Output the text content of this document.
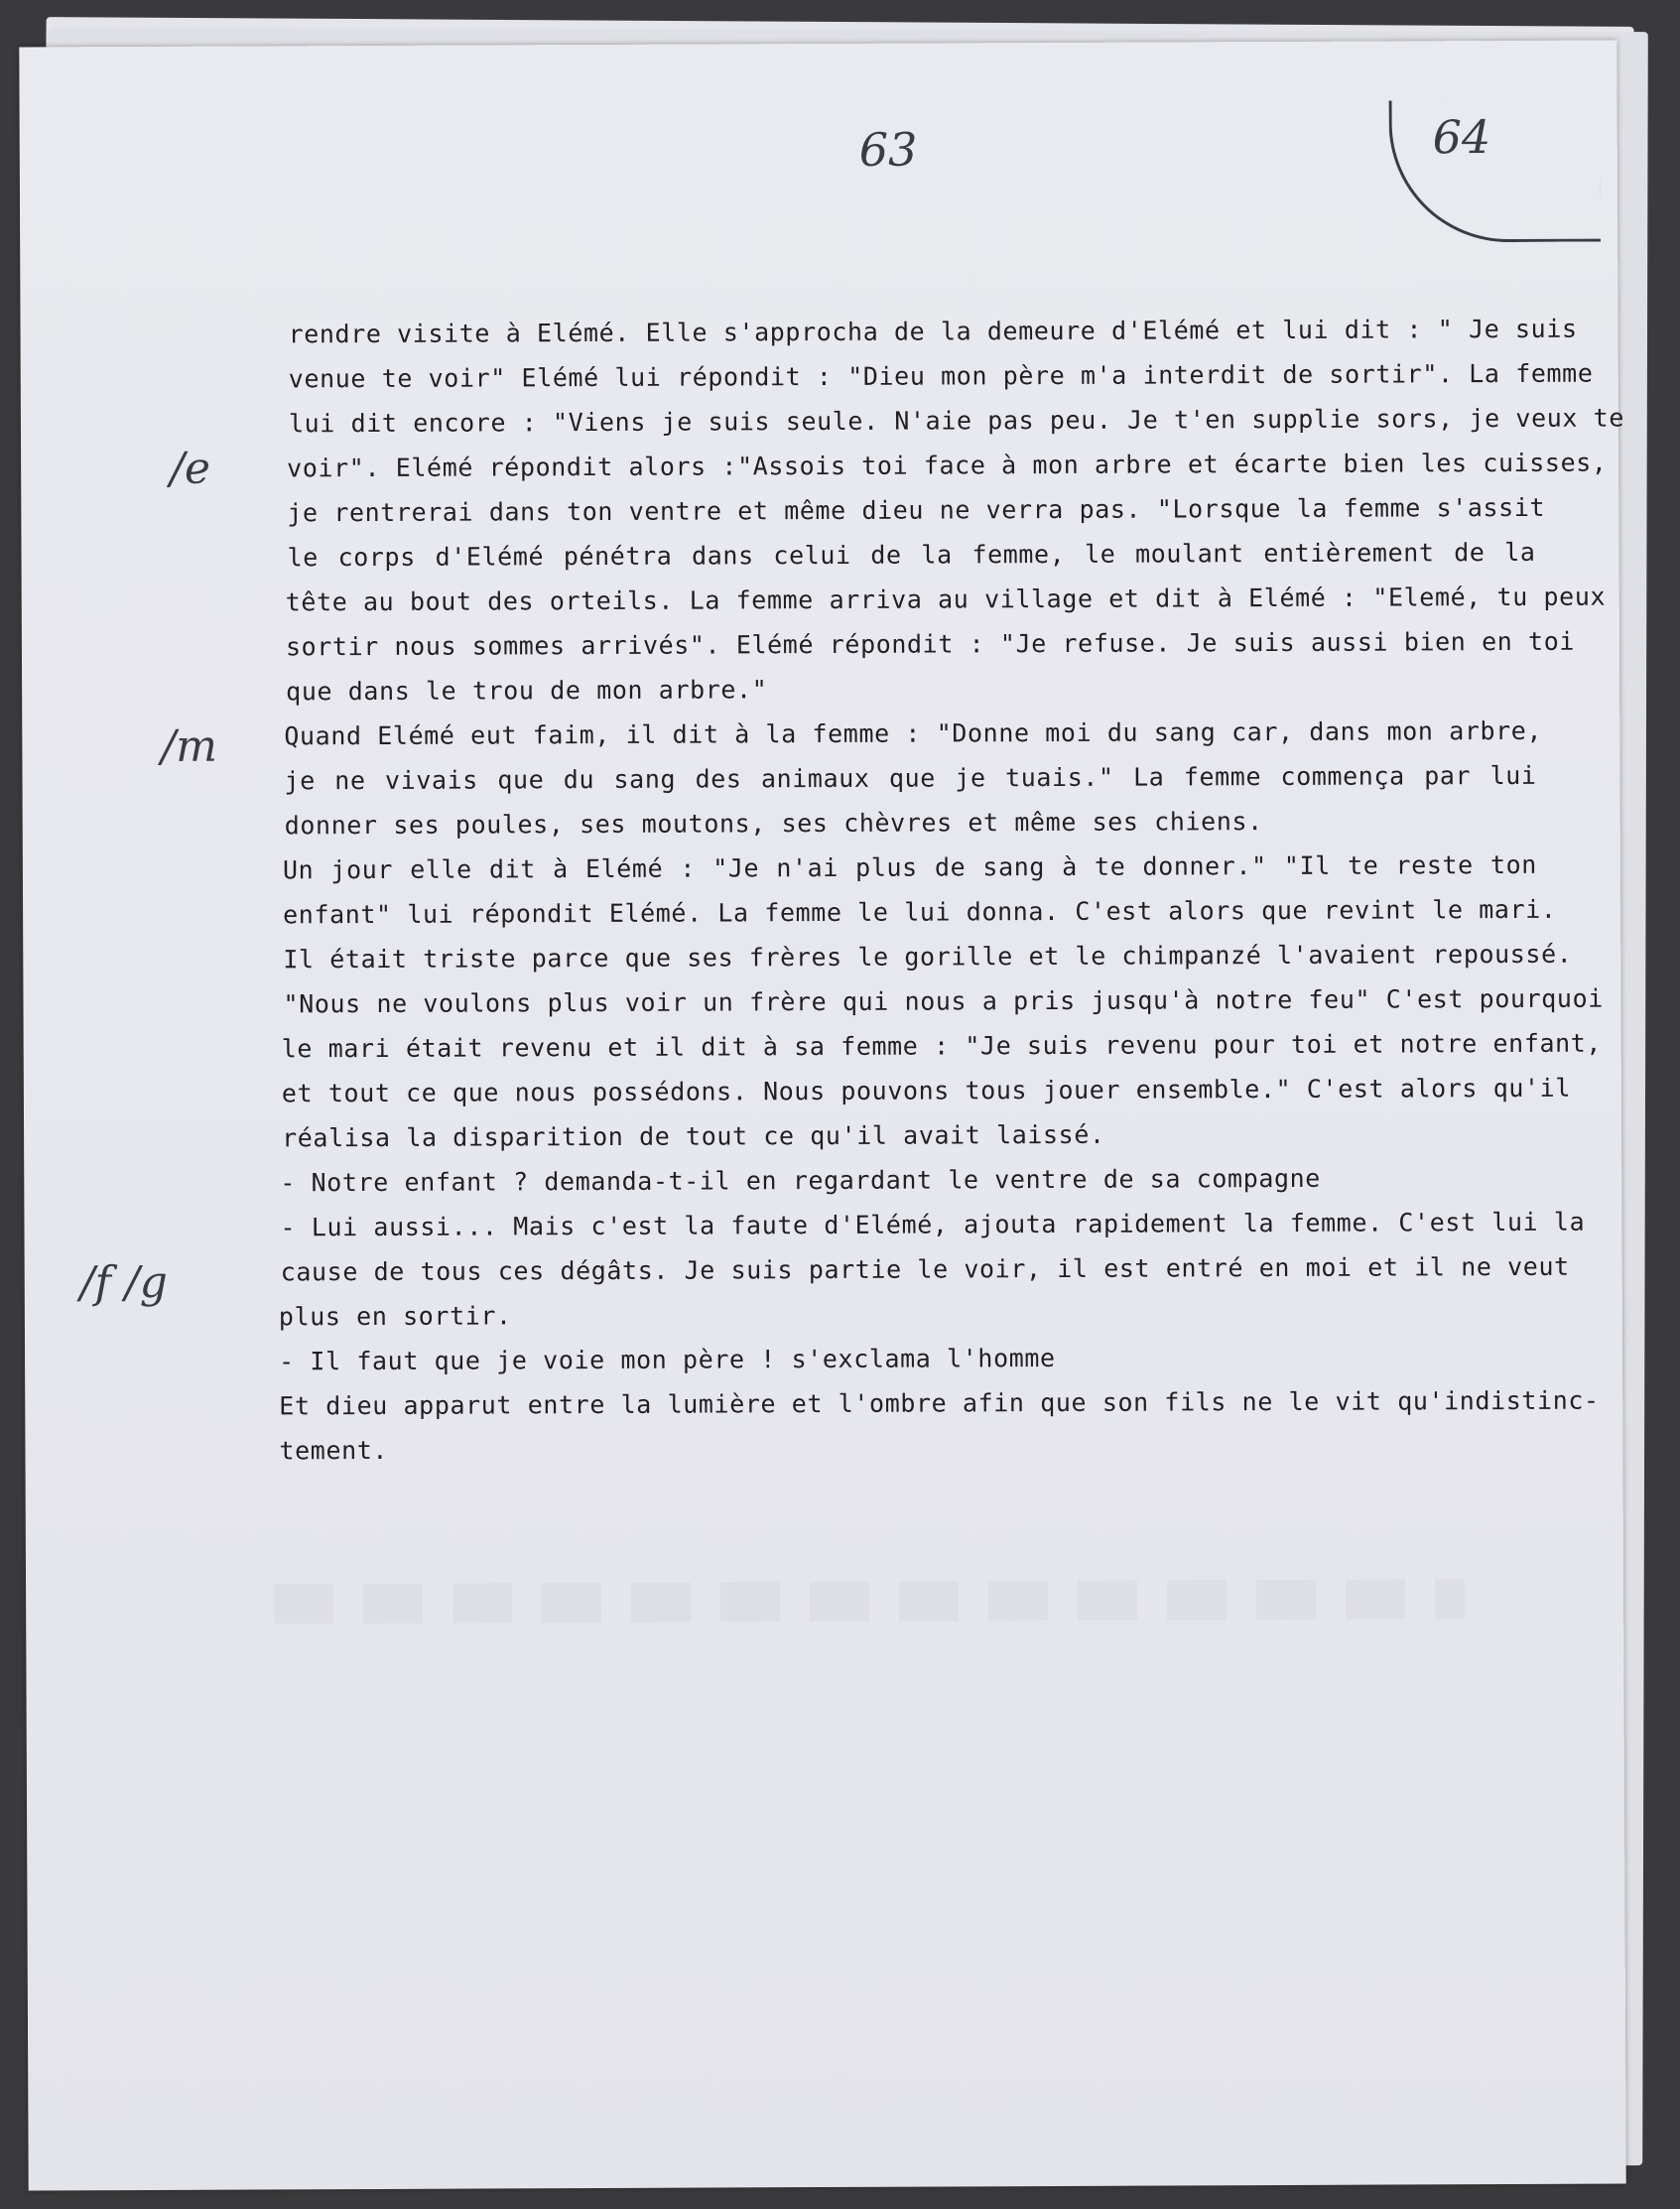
63	64
/e
/m
/f /g
rendre visite à Elémé. Elle s'approcha de la demeure d'Elémé et lui dit : " Je suis
venue te voir" Elémé lui répondit : "Dieu mon père m'a interdit de sortir". La femme
lui dit encore : "Viens je suis seule. N'aie pas peu. Je t'en supplie sors, je veux te
voir". Elémé répondit alors :"Assois toi face à mon arbre et écarte bien les cuisses,
je rentrerai dans ton ventre et même dieu ne verra pas. "Lorsque la femme s'assit
le corps d'Elémé pénétra dans celui de la femme, le moulant entièrement de la
tête au bout des orteils. La femme arriva au village et dit à Elémé : "Elemé, tu peux
sortir nous sommes arrivés". Elémé répondit : "Je refuse. Je suis aussi bien en toi
que dans le trou de mon arbre."
Quand Elémé eut faim, il dit à la femme : "Donne moi du sang car, dans mon arbre,
je ne vivais que du sang des animaux que je tuais." La femme commença par lui
donner ses poules, ses moutons, ses chèvres et même ses chiens.
Un jour elle dit à Elémé : "Je n'ai plus de sang à te donner." "Il te reste ton
enfant" lui répondit Elémé. La femme le lui donna. C'est alors que revint le mari.
Il était triste parce que ses frères le gorille et le chimpanzé l'avaient repoussé.
"Nous ne voulons plus voir un frère qui nous a pris jusqu'à notre feu" C'est pourquoi
le mari était revenu et il dit à sa femme : "Je suis revenu pour toi et notre enfant,
et tout ce que nous possédons. Nous pouvons tous jouer ensemble." C'est alors qu'il
réalisa la disparition de tout ce qu'il avait laissé.
- Notre enfant ? demanda-t-il en regardant le ventre de sa compagne
- Lui aussi... Mais c'est la faute d'Elémé, ajouta rapidement la femme. C'est lui la
cause de tous ces dégâts. Je suis partie le voir, il est entré en moi et il ne veut
plus en sortir.
- Il faut que je voie mon père ! s'exclama l'homme
Et dieu apparut entre la lumière et l'ombre afin que son fils ne le vit qu'indistinc-
tement.
